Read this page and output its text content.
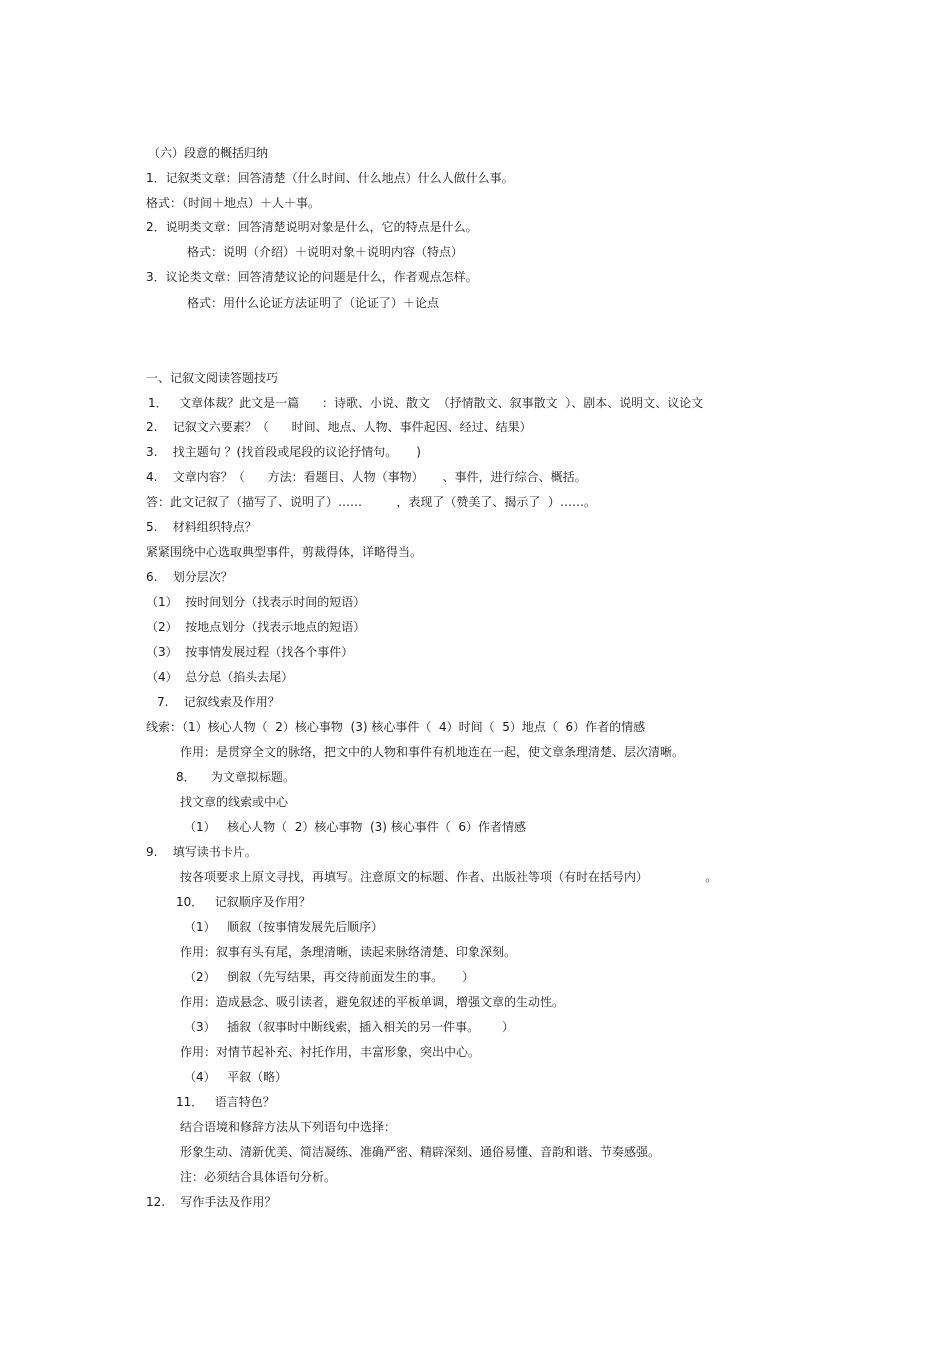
（六）段意的概括归纳

1．记叙类文章：回答清楚（什么时间、什么地点）什么人做什么事。

格式：（时间＋地点）＋人＋事。

2．说明类文章：回答清楚说明对象是什么，它的特点是什么。

格式：说明（介绍）＋说明对象＋说明内容（特点）

3．议论类文章：回答清楚议论的问题是什么，作者观点怎样。

格式：用什么论证方法证明了（论证了）＋论点

一、记叙文阅读答题技巧

1．   文章体裁？此文是一篇      ：诗歌、小说、散文  （抒情散文、叙事散文  ）、剧本、说明文、议论文

2.    记叙文六要素？（      时间、地点、人物、事件起因、经过、结果）

3.    找主题句 ？(找首段或尾段的议论抒情句。     )

4.    文章内容？（      方法：看题目、人物（事物）     、事件，进行综合、概括。

答：此文记叙了（描写了、说明了）……         ，表现了（赞美了、揭示了  ）……。

5.    材料组织特点？

紧紧围绕中心选取典型事件，剪裁得体，详略得当。

6.    划分层次？

（1）  按时间划分（找表示时间的短语）

（2）  按地点划分（找表示地点的短语）

（3）  按事情发展过程（找各个事件）

（4）  总分总（掐头去尾）

7.    记叙线索及作用？

线索：（1）核心人物（  2）核心事物  (3) 核心事件（  4）时间（  5）地点（  6）作者的情感

作用：是贯穿全文的脉络，把文中的人物和事件有机地连在一起，使文章条理清楚、层次清晰。

8．    为文章拟标题。

找文章的线索或中心

（1）   核心人物（  2）核心事物  (3) 核心事件（  6）作者情感

9.    填写读书卡片。

按各项要求上原文寻找，再填写。注意原文的标题、作者、出版社等项（有时在括号内）               。

10．   记叙顺序及作用？

（1）   顺叙（按事情发展先后顺序）

作用：叙事有头有尾，条理清晰，读起来脉络清楚、印象深刻。

（2）   倒叙（先写结果，再交待前面发生的事。     ）

作用：造成悬念、吸引读者，避免叙述的平板单调，增强文章的生动性。

（3）   插叙（叙事时中断线索，插入相关的另一件事。      ）

作用：对情节起补充、衬托作用，丰富形象，突出中心。

（4）   平叙（略）

11．   语言特色？

结合语境和修辞方法从下列语句中选择：

形象生动、清新优美、简洁凝练、准确严密、精辟深刻、通俗易懂、音韵和谐、节奏感强。

注：必须结合具体语句分析。

12.    写作手法及作用？
